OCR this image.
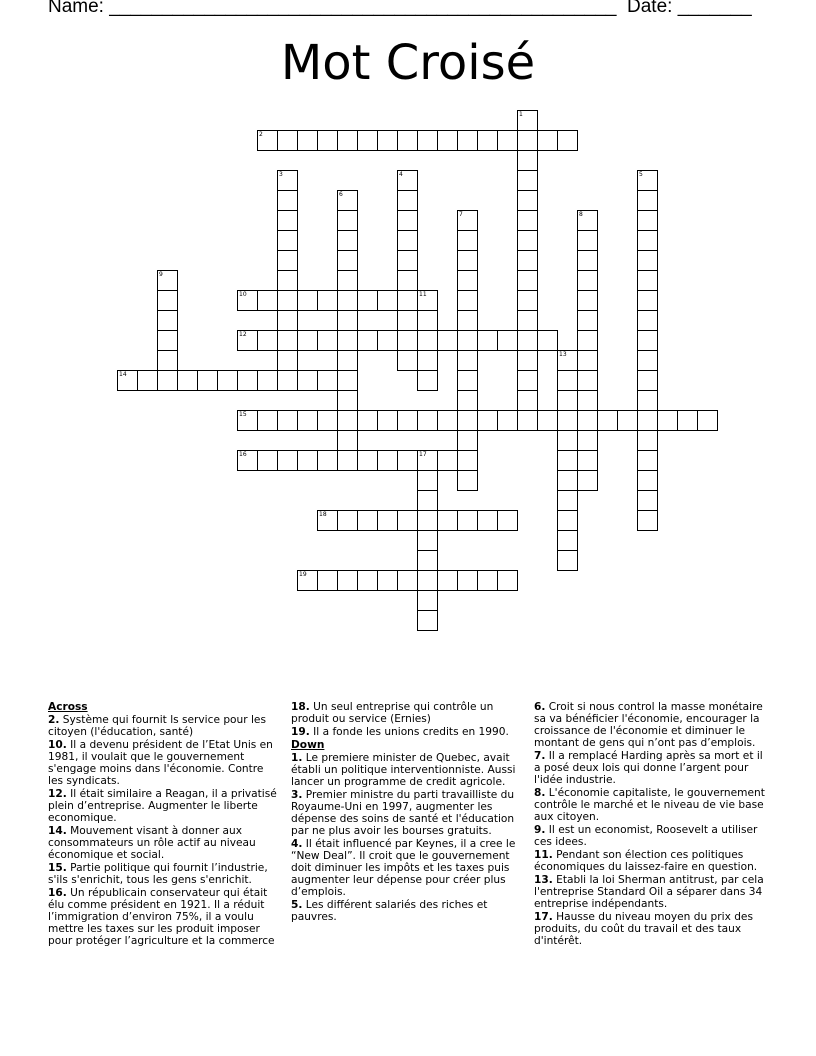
Name: ________________________________________________ Date: _______
Mot Croisé
1
2
3	4	5
6
7	8
9
10	11
12
13
14
15
16	17
18
19
Across

2. Système qui fournit ls service pour les citoyen (l'éducation, santé)

10. Il a devenu président de l’Etat Unis en 1981, il voulait que le gouvernement s'engage moins dans l'économie. Contre les syndicats.

12. Il était similaire a Reagan, il a privatisé plein d’entreprise. Augmenter le liberte economique.

14. Mouvement visant à donner aux consommateurs un rôle actif au niveau économique et social.

15. Partie politique qui fournit l’industrie, s'ils s'enrichit, tous les gens s'enrichit.

16. Un républicain conservateur qui était élu comme président en 1921. Il a réduit l’immigration d’environ 75%, il a voulu mettre les taxes sur les produit imposer pour protéger l’agriculture et la commerce

18. Un seul entreprise qui contrôle un produit ou service (Ernies)

19. Il a fonde les unions credits en 1990.

Down

1. Le premiere minister de Quebec, avait établi un politique interventionniste. Aussi lancer un programme de credit agricole.

3. Premier ministre du parti travailliste du Royaume-Uni en 1997, augmenter les dépense des soins de santé et l'éducation par ne plus avoir les bourses gratuits.

4. Il était influencé par Keynes, il a cree le “New Deal”. Il croit que le gouvernement doit diminuer les impôts et les taxes puis augmenter leur dépense pour créer plus d’emplois.

5. Les différent salariés des riches et pauvres.

6. Croit si nous control la masse monétaire sa va bénéficier l'économie, encourager la croissance de l'économie et diminuer le montant de gens qui n’ont pas d’emplois.

7. Il a remplacé Harding après sa mort et il a posé deux lois qui donne l’argent pour l'idée industrie.

8. L'économie capitaliste, le gouvernement contrôle le marché et le niveau de vie base aux citoyen.

9. Il est un economist, Roosevelt a utiliser ces idees.

11. Pendant son élection ces politiques économiques du laissez-faire en question.

13. Etabli la loi Sherman antitrust, par cela l'entreprise Standard Oil a séparer dans 34 entreprise indépendants.

17. Hausse du niveau moyen du prix des produits, du coût du travail et des taux d'intérêt.
